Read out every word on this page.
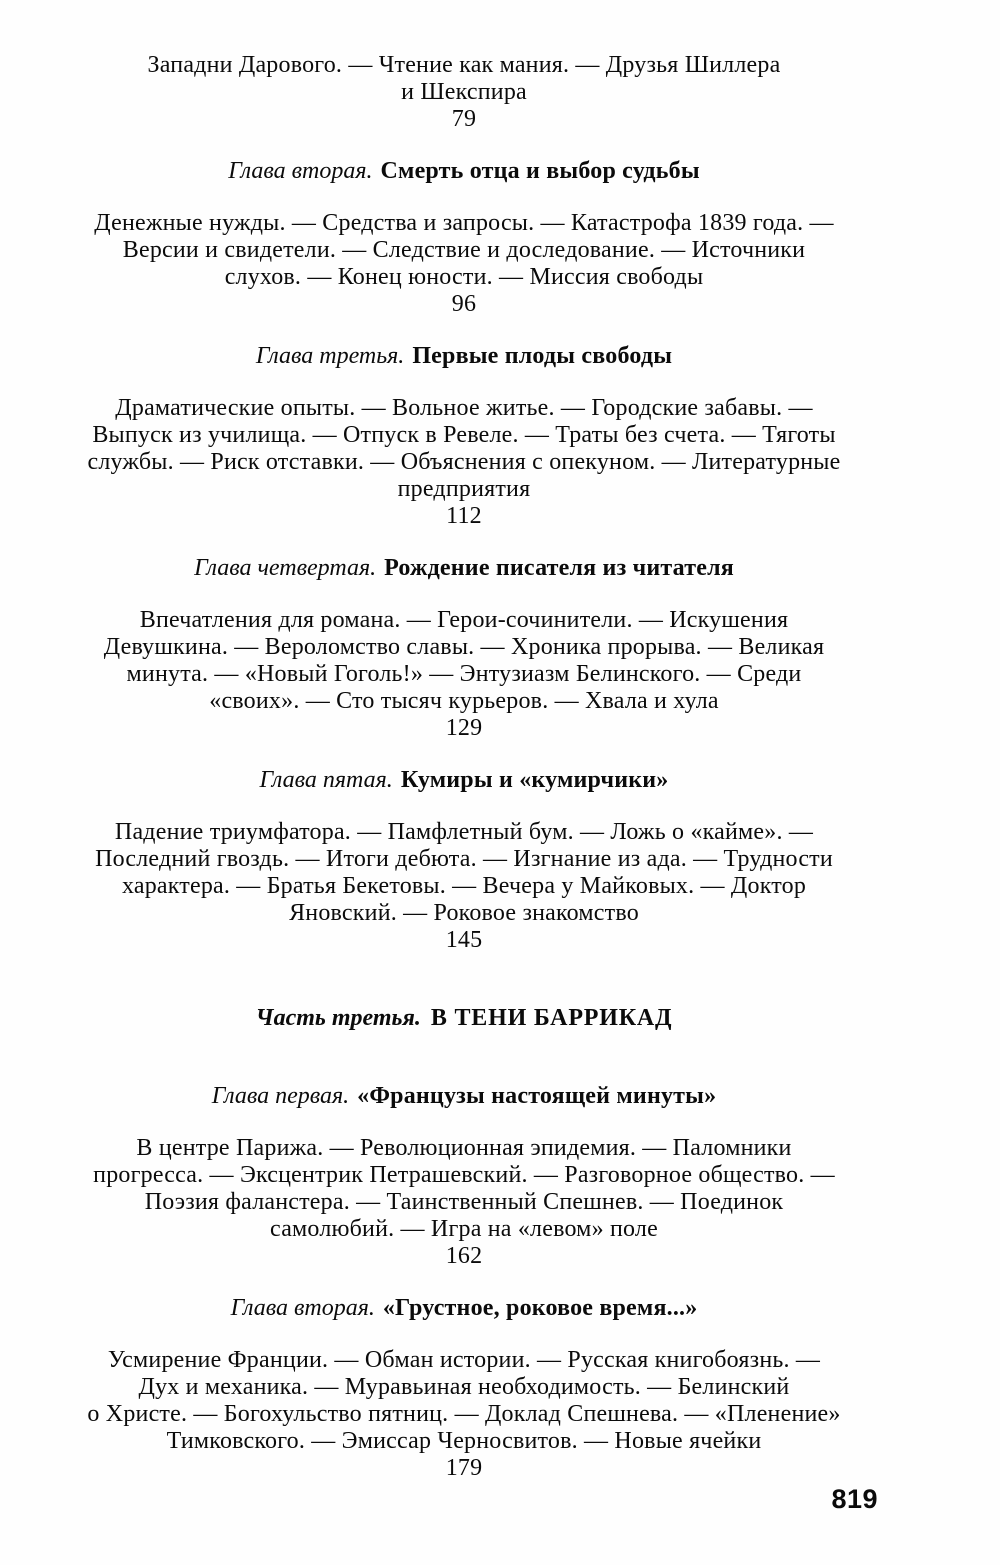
Западни Дарового. — Чтение как мания. — Друзья Шиллера
и Шекспира
79

Глава вторая. Смерть отца и выбор судьбы

Денежные нужды. — Средства и запросы. — Катастрофа 1839 года. —
Версии и свидетели. — Следствие и доследование. — Источники
слухов. — Конец юности. — Миссия свободы
96

Глава третья. Первые плоды свободы

Драматические опыты. — Вольное житье. — Городские забавы. —
Выпуск из училища. — Отпуск в Ревеле. — Траты без счета. — Тяготы
службы. — Риск отставки. — Объяснения с опекуном. — Литературные
предприятия
112

Глава четвертая. Рождение писателя из читателя

Впечатления для романа. — Герои-сочинители. — Искушения
Девушкина. — Вероломство славы. — Хроника прорыва. — Великая
минута. — «Новый Гоголь!» — Энтузиазм Белинского. — Среди
«своих». — Сто тысяч курьеров. — Хвала и хула
129

Глава пятая. Кумиры и «кумирчики»

Падение триумфатора. — Памфлетный бум. — Ложь о «кайме». —
Последний гвоздь. — Итоги дебюта. — Изгнание из ада. — Трудности
характера. — Братья Бекетовы. — Вечера у Майковых. — Доктор
Яновский. — Роковое знакомство
145

Часть третья. В ТЕНИ БАРРИКАД

Глава первая. «Французы настоящей минуты»

В центре Парижа. — Революционная эпидемия. — Паломники
прогресса. — Эксцентрик Петрашевский. — Разговорное общество. —
Поэзия фаланстера. — Таинственный Спешнев. — Поединок
самолюбий. — Игра на «левом» поле
162

Глава вторая. «Грустное, роковое время...»

Усмирение Франции. — Обман истории. — Русская книгобоязнь. —
Дух и механика. — Муравьиная необходимость. — Белинский
о Христе. — Богохульство пятниц. — Доклад Спешнева. — «Пленение»
Тимковского. — Эмиссар Черносвитов. — Новые ячейки
179

819
